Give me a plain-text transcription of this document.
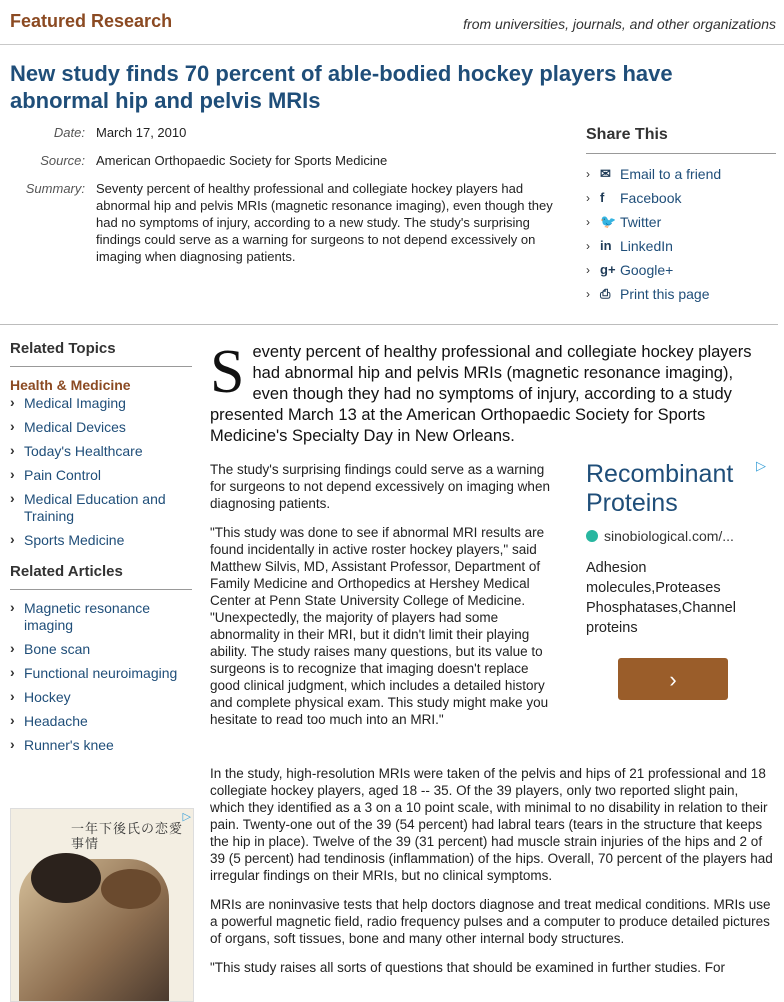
Featured Research	from universities, journals, and other organizations
New study finds 70 percent of able-bodied hockey players have abnormal hip and pelvis MRIs
Date: March 17, 2010
Source: American Orthopaedic Society for Sports Medicine
Summary: Seventy percent of healthy professional and collegiate hockey players had abnormal hip and pelvis MRIs (magnetic resonance imaging), even though they had no symptoms of injury, according to a new study. The study's surprising findings could serve as a warning for surgeons to not depend excessively on imaging when diagnosing patients.
Share This
› ✉ Email to a friend
› f	Facebook
› 🐦 Twitter
› in LinkedIn
› g+ Google+
› ⎙ Print this page
Related Topics
Health & Medicine
› Medical Imaging
› Medical Devices
› Today's Healthcare
› Pain Control
› Medical Education and Training
› Sports Medicine
Related Articles
› Magnetic resonance imaging
› Bone scan
› Functional neuroimaging
› Hockey
› Headache
› Runner's knee
▷
一年下後氏の恋愛事情

Seventy percent of healthy professional and collegiate hockey players had abnormal hip and pelvis MRIs (magnetic resonance imaging), even though they had no symptoms of injury, according to a study presented March 13 at the American Orthopaedic Society for Sports Medicine's Specialty Day in New Orleans.

The study's surprising findings could serve as a warning for surgeons to not depend excessively on imaging when diagnosing patients.

"This study was done to see if abnormal MRI results are found incidentally in active roster hockey players," said Matthew Silvis, MD, Assistant Professor, Department of Family Medicine and Orthopedics at Hershey Medical Center at Penn State University College of Medicine. "Unexpectedly, the majority of players had some abnormality in their MRI, but it didn't limit their playing ability. The study raises many questions, but its value to surgeons is to recognize that imaging doesn't replace good clinical judgment, which includes a detailed history and complete physical exam. This study might make you hesitate to read too much into an MRI."

▷
Recombinant Proteins
sinobiological.com/...
Adhesion molecules,Proteases Phosphatases,Channel proteins
›

In the study, high-resolution MRIs were taken of the pelvis and hips of 21 professional and 18 collegiate hockey players, aged 18 -- 35. Of the 39 players, only two reported slight pain, which they identified as a 3 on a 10 point scale, with minimal to no disability in relation to their pain. Twenty-one out of the 39 (54 percent) had labral tears (tears in the structure that keeps the hip in place). Twelve of the 39 (31 percent) had muscle strain injuries of the hips and 2 of 39 (5 percent) had tendinosis (inflammation) of the hips. Overall, 70 percent of the players had irregular findings on their MRIs, but no clinical symptoms.

MRIs are noninvasive tests that help doctors diagnose and treat medical conditions. MRIs use a powerful magnetic field, radio frequency pulses and a computer to produce detailed pictures of organs, soft tissues, bone and many other internal body structures.

"This study raises all sorts of questions that should be examined in further studies. For
